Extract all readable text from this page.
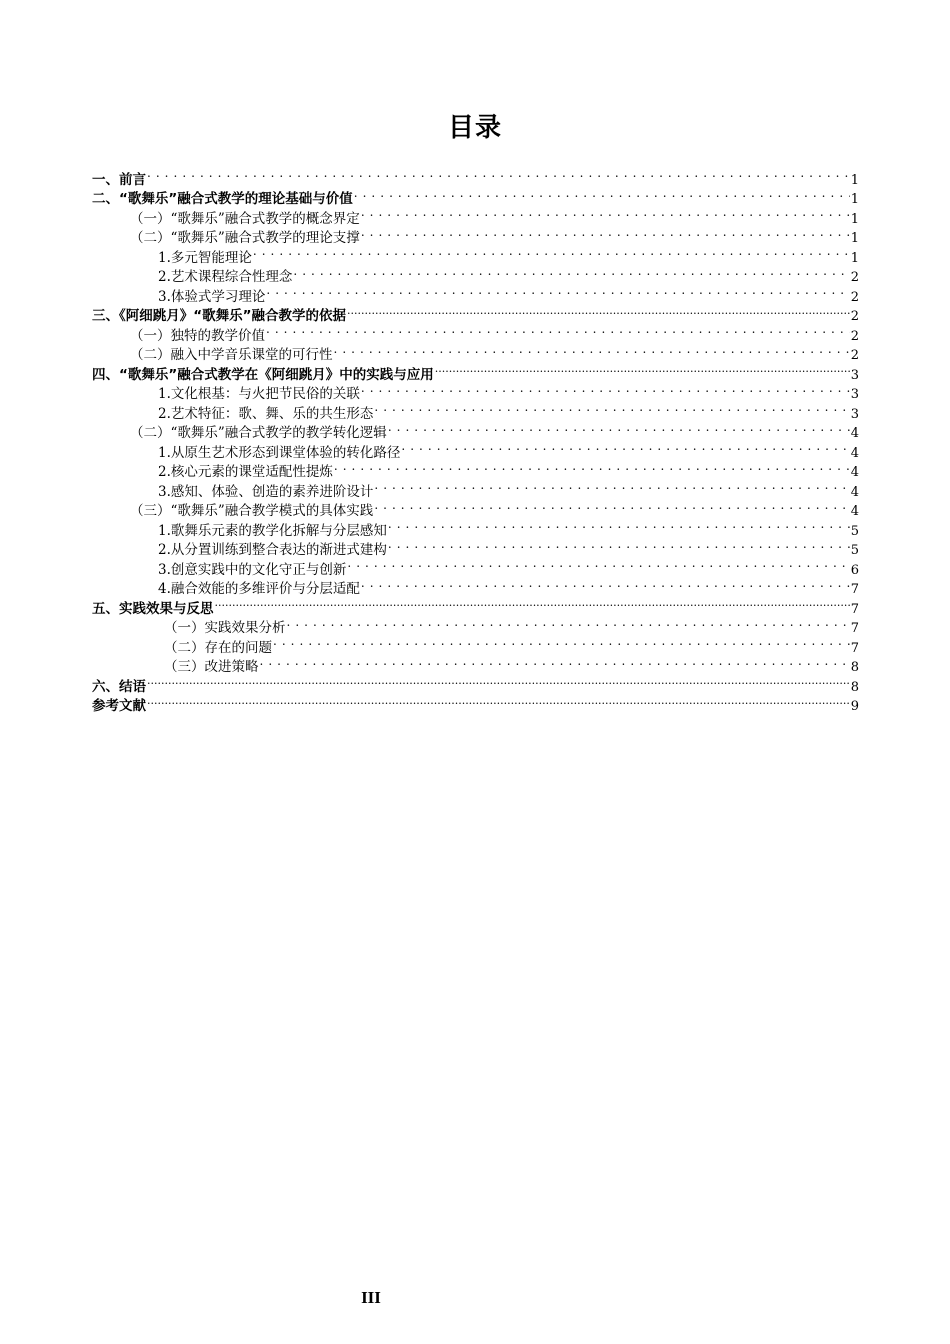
目录
一、前言 . . .	1
二、“歌舞乐”融合式教学的理论基础与价值 . . .	1
（一）“歌舞乐”融合式教学的概念界定 . . .	1
（二）“歌舞乐”融合式教学的理论支撑 . . .	1
1.多元智能理论 . . .	1
2.艺术课程综合性理念 . . .	2
3.体验式学习理论 . . .	2
三、《阿细跳月》“歌舞乐”融合教学的依据 .....	2
（一）独特的教学价值 . . .	2
（二）融入中学音乐课堂的可行性 . . .	2
四、“歌舞乐”融合式教学在《阿细跳月》中的实践与应用 .....	3
1.文化根基：与火把节民俗的关联 . . .	3
2.艺术特征：歌、舞、乐的共生形态 . . .	3
（二）“歌舞乐”融合式教学的教学转化逻辑 . . .	4
1.从原生艺术形态到课堂体验的转化路径 . . .	4
2.核心元素的课堂适配性提炼 . . .	4
3.感知、体验、创造的素养进阶设计 . . .	4
（三）“歌舞乐”融合教学模式的具体实践 . . .	4
1.歌舞乐元素的教学化拆解与分层感知 . . .	5
2.从分置训练到整合表达的渐进式建构 . . .	5
3.创意实践中的文化守正与创新 . . .	6
4.融合效能的多维评价与分层适配 . . .	7
五、实践效果与反思 .....	7
（一）实践效果分析 . . .	7
（二）存在的问题 . . .	7
（三）改进策略 . . .	8
六、结语 .....	8
参考文献 .....	9
III
